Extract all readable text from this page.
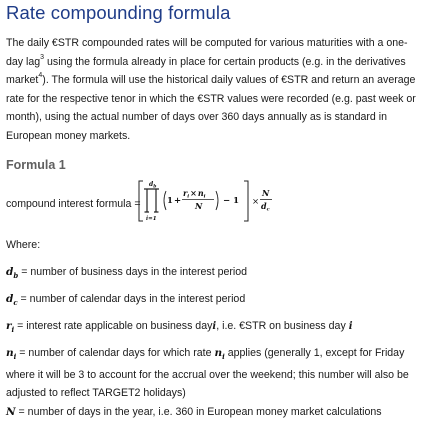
Rate compounding formula
The daily €STR compounded rates will be computed for various maturities with a one-day lag$^3$ using the formula already in place for certain products (e.g. in the derivatives market$^4$). The formula will use the historical daily values of €STR and return an average rate for the respective tenor in which the €STR values were recorded (e.g. past week or month), using the actual number of days over 360 days annually as is standard in European money markets.
Formula 1
compound interest formula =
$d_b$
i=1
1 +
ri×ni
N − 1 ×
N
dc
Where:
$d_b$ = number of business days in the interest period
$d_c$ = number of calendar days in the interest period
$r_i$ = interest rate applicable on business dayi, i.e. €STR on business day i
$n_i$ = number of calendar days for which rate $n_i$ applies (generally 1, except for Friday where it will be 3 to account for the accrual over the weekend; this number will also be adjusted to reflect TARGET2 holidays)
N = number of days in the year, i.e. 360 in European money market calculations
